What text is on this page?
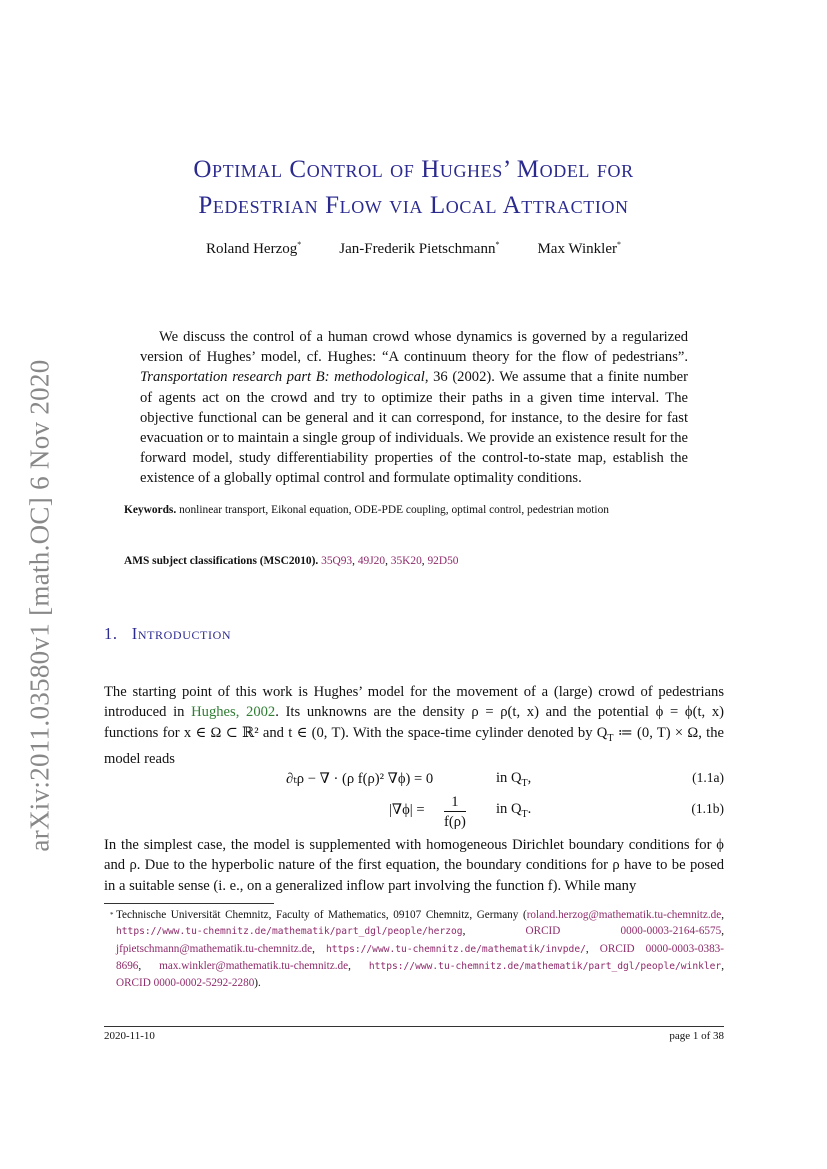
arXiv:2011.03580v1 [math.OC] 6 Nov 2020
Optimal Control of Hughes’ Model for
Pedestrian Flow via Local Attraction
Roland Herzog*	Jan-Frederik Pietschmann*	Max Winkler*

We discuss the control of a human crowd whose dynamics is governed by a regularized version of Hughes’ model, cf. Hughes: “A continuum theory for the flow of pedestrians”. Transportation research part B: methodological, 36 (2002). We assume that a finite number of agents act on the crowd and try to optimize their paths in a given time interval. The objective functional can be general and it can correspond, for instance, to the desire for fast evacuation or to maintain a single group of individuals. We provide an existence result for the forward model, study differentiability properties of the control-to-state map, establish the existence of a globally optimal control and formulate optimality conditions.

Keywords. nonlinear transport, Eikonal equation, ODE-PDE coupling, optimal control, pedestrian motion
AMS subject classifications (MSC2010). 35Q93, 49J20, 35K20, 92D50
1. Introduction

The starting point of this work is Hughes’ model for the movement of a (large) crowd of pedestrians introduced in Hughes, 2002. Its unknowns are the density ρ = ρ(t, x) and the potential ϕ = ϕ(t, x) functions for x ∈ Ω ⊂ ℝ² and t ∈ (0, T). With the space-time cylinder denoted by $Q_T$ ≔ (0, T) × Ω, the model reads

∂ₜρ − ∇ · (ρ f(ρ)² ∇ϕ) = 0	in $Q_T$,	(1.1a)
$|\nabla\phi| = \frac{1}{f(\rho)}$ in $Q_T$.	(1.1b)

In the simplest case, the model is supplemented with homogeneous Dirichlet boundary conditions for ϕ and ρ. Due to the hyperbolic nature of the first equation, the boundary conditions for ρ have to be posed in a suitable sense (i. e., on a generalized inflow part involving the function f). While many

* Technische Universität Chemnitz, Faculty of Mathematics, 09107 Chemnitz, Germany (roland.herzog@mathematik.tu-chemnitz.de, https://www.tu-chemnitz.de/mathematik/part_dgl/people/herzog, ORCID 0000-0003-2164-6575, jfpietschmann@mathematik.tu-chemnitz.de, https://www.tu-chemnitz.de/mathematik/invpde/, ORCID 0000-0003-0383-8696, max.winkler@mathematik.tu-chemnitz.de, https://www.tu-chemnitz.de/mathematik/part_dgl/people/winkler, ORCID 0000-0002-5292-2280).
2020-11-10	page 1 of 38
